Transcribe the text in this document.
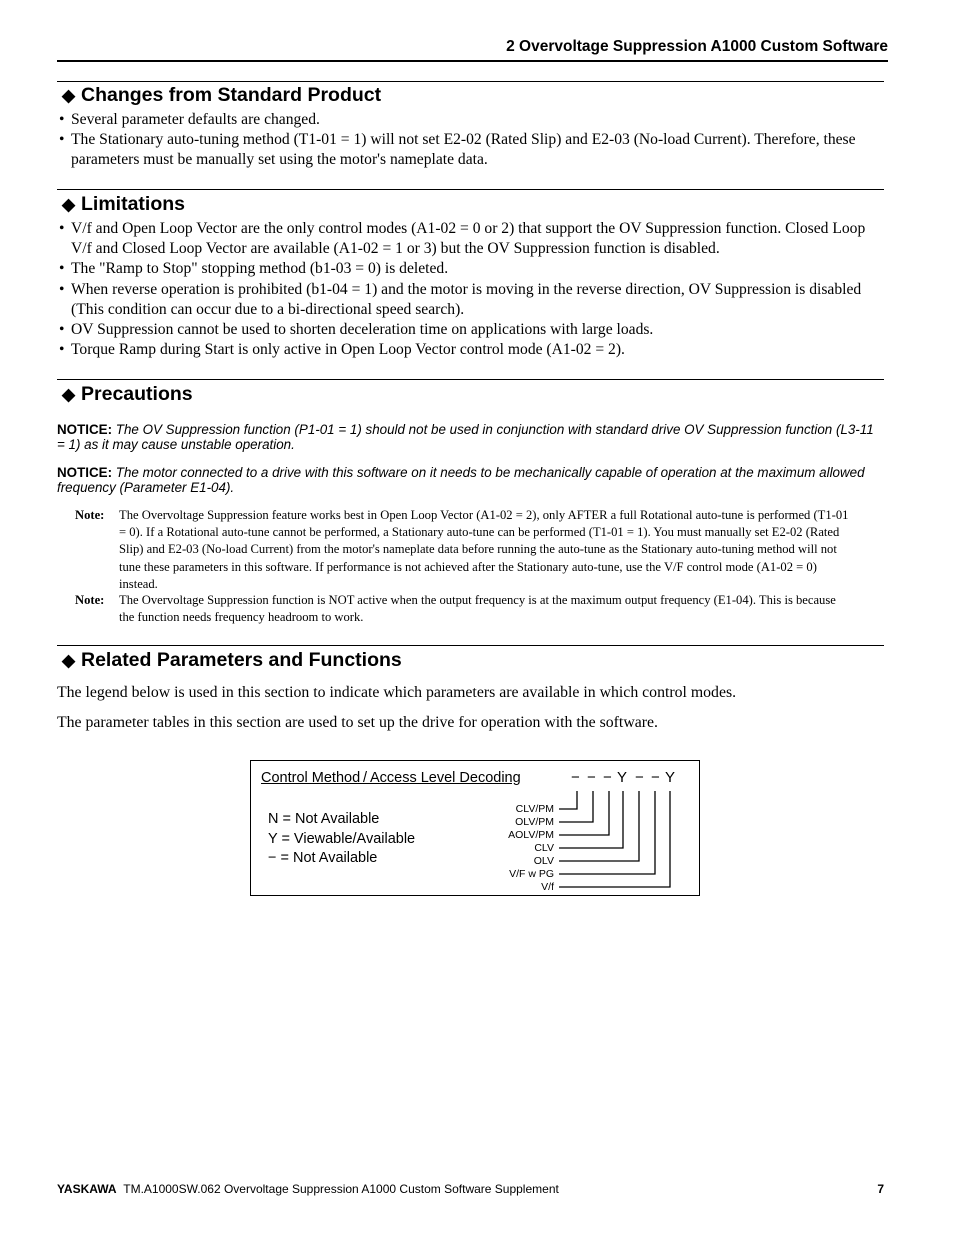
2 Overvoltage Suppression A1000 Custom Software
◆ Changes from Standard Product
• Several parameter defaults are changed.
• The Stationary auto-tuning method (T1-01 = 1) will not set E2-02 (Rated Slip) and E2-03 (No-load Current). Therefore, these parameters must be manually set using the motor's nameplate data.
◆ Limitations
• V/f and Open Loop Vector are the only control modes (A1-02 = 0 or 2) that support the OV Suppression function. Closed Loop V/f and Closed Loop Vector are available (A1-02 = 1 or 3) but the OV Suppression function is disabled.
• The "Ramp to Stop" stopping method (b1-03 = 0) is deleted.
• When reverse operation is prohibited (b1-04 = 1) and the motor is moving in the reverse direction, OV Suppression is disabled (This condition can occur due to a bi-directional speed search).
• OV Suppression cannot be used to shorten deceleration time on applications with large loads.
• Torque Ramp during Start is only active in Open Loop Vector control mode (A1-02 = 2).
◆ Precautions
NOTICE: The OV Suppression function (P1-01 = 1) should not be used in conjunction with standard drive OV Suppression function (L3-11 = 1) as it may cause unstable operation.
NOTICE: The motor connected to a drive with this software on it needs to be mechanically capable of operation at the maximum allowed frequency (Parameter E1-04).
Note: The Overvoltage Suppression feature works best in Open Loop Vector (A1-02 = 2), only AFTER a full Rotational auto-tune is performed (T1-01 = 0). If a Rotational auto-tune cannot be performed, a Stationary auto-tune can be performed (T1-01 = 1). You must manually set E2-02 (Rated Slip) and E2-03 (No-load Current) from the motor's nameplate data before running the auto-tune as the Stationary auto-tuning method will not tune these parameters in this software. If performance is not achieved after the Stationary auto-tune, use the V/F control mode (A1-02 = 0) instead.
Note: The Overvoltage Suppression function is NOT active when the output frequency is at the maximum output frequency (E1-04). This is because the function needs frequency headroom to work.
◆ Related Parameters and Functions
The legend below is used in this section to indicate which parameters are available in which control modes.
The parameter tables in this section are used to set up the drive for operation with the software.
Control Method / Access Level Decoding
N = Not Available
Y = Viewable/Available
− = Not Available
− − − Y − − Y
CLV/PM
OLV/PM
AOLV/PM
CLV
OLV
V/F w PG
V/f
YASKAWA TM.A1000SW.062 Overvoltage Suppression A1000 Custom Software Supplement	7
